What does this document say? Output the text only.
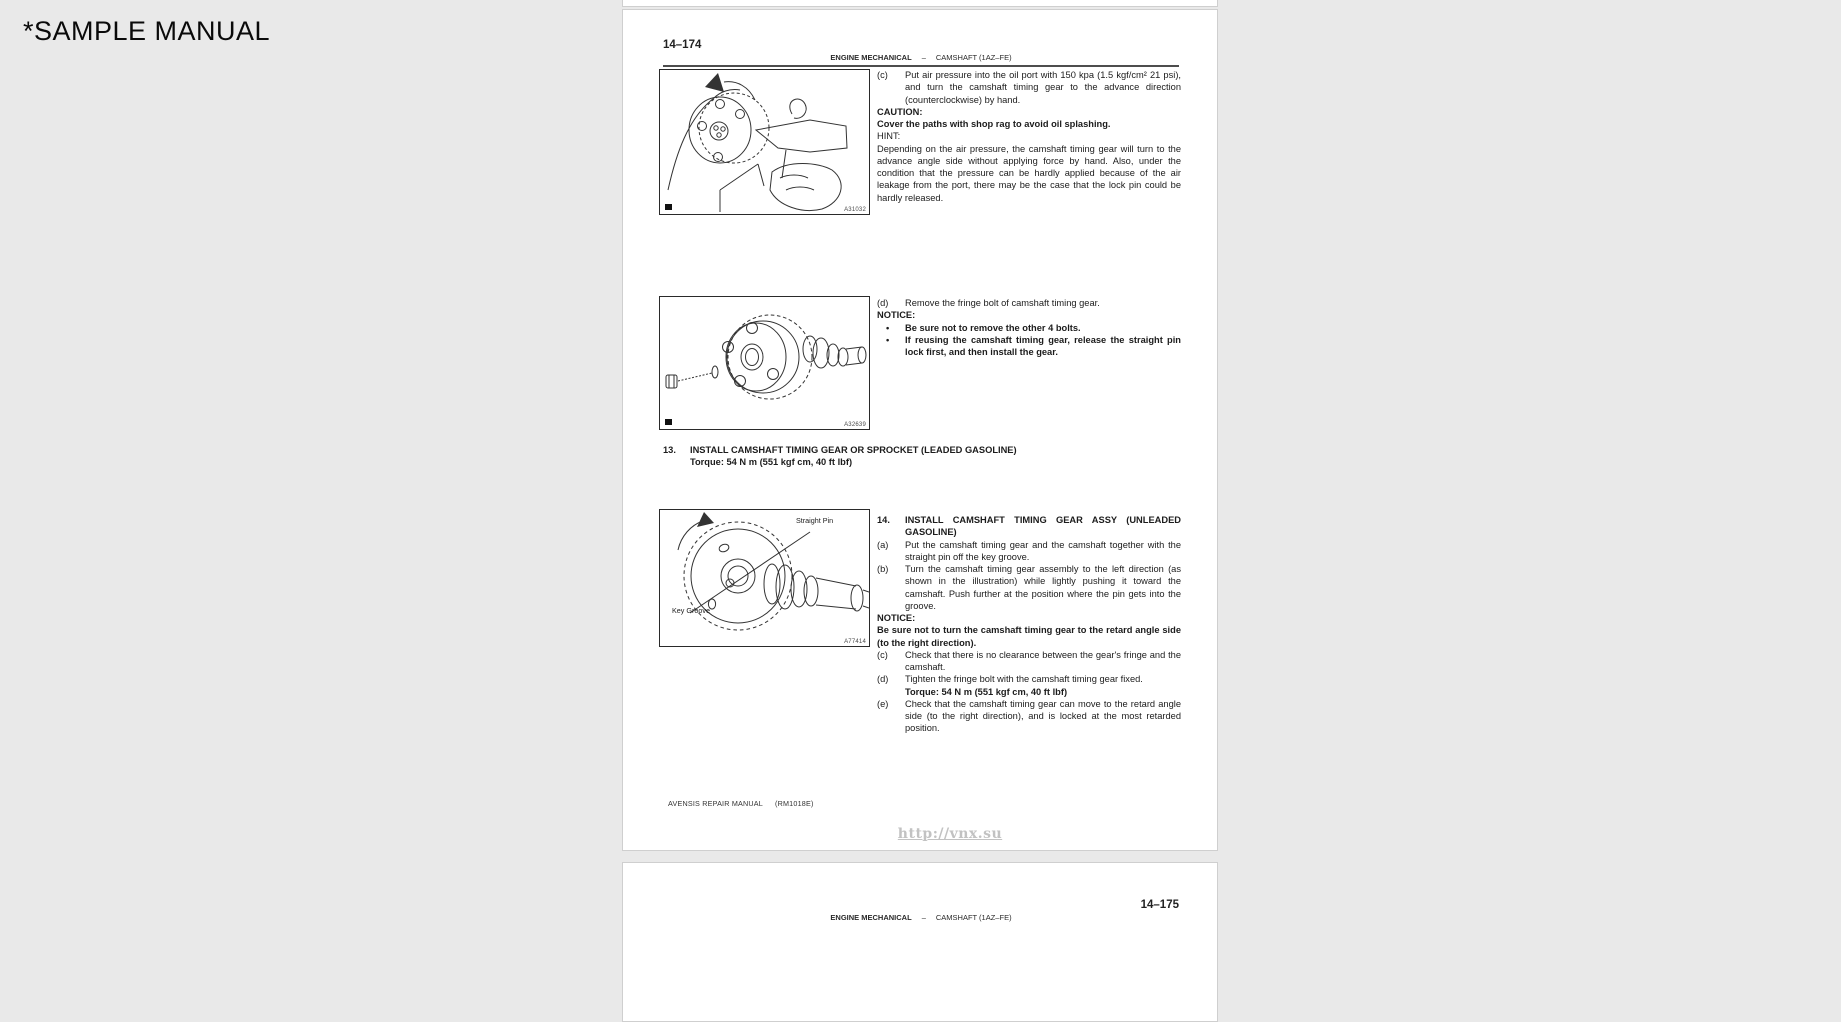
*SAMPLE MANUAL	14–174
ENGINE MECHANICAL – CAMSHAFT (1AZ–FE)
A31032
(c) Put air pressure into the oil port with 150 kpa (1.5 kgf/cm² 21 psi), and turn the camshaft timing gear to the advance direction (counterclockwise) by hand.
CAUTION:
Cover the paths with shop rag to avoid oil splashing.
HINT:
Depending on the air pressure, the camshaft timing gear will turn to the advance angle side without applying force by hand. Also, under the condition that the pressure can be hardly applied because of the air leakage from the port, there may be the case that the lock pin could be hardly released.
A32639
(d) Remove the fringe bolt of camshaft timing gear.
NOTICE:
• Be sure not to remove the other 4 bolts.
• If reusing the camshaft timing gear, release the straight pin lock first, and then install the gear.
13. INSTALL CAMSHAFT TIMING GEAR OR SPROCKET (LEADED GASOLINE)
Torque: 54 N m (551 kgf cm, 40 ft lbf)
Straight Pin
Key Groove
A77414
14. INSTALL CAMSHAFT TIMING GEAR ASSY (UNLEADED GASOLINE)
(a) Put the camshaft timing gear and the camshaft together with the straight pin off the key groove.
(b) Turn the camshaft timing gear assembly to the left direction (as shown in the illustration) while lightly pushing it toward the camshaft. Push further at the position where the pin gets into the groove.
NOTICE:
Be sure not to turn the camshaft timing gear to the retard angle side (to the right direction).
(c) Check that there is no clearance between the gear's fringe and the camshaft.
(d) Tighten the fringe bolt with the camshaft timing gear fixed.
Torque: 54 N m (551 kgf cm, 40 ft lbf)
(e) Check that the camshaft timing gear can move to the retard angle side (to the right direction), and is locked at the most retarded position.
AVENSIS REPAIR MANUAL (RM1018E)
http://vnx.su
14–175
ENGINE MECHANICAL – CAMSHAFT (1AZ–FE)
